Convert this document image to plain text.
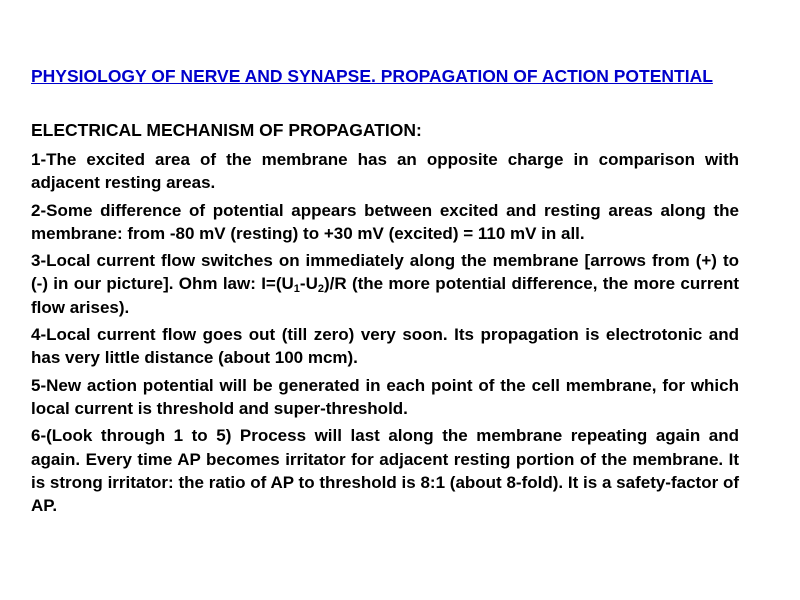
PHYSIOLOGY OF NERVE AND SYNAPSE. PROPAGATION OF ACTION POTENTIAL

ELECTRICAL MECHANISM OF PROPAGATION:

1-The excited area of the membrane has an opposite charge in comparison with adjacent resting areas.

2-Some difference of potential appears between excited and resting areas along the membrane: from -80 mV (resting) to +30 mV (excited) = 110 mV in all.

3-Local current flow switches on immediately along the membrane [arrows from (+) to (-) in our picture]. Ohm law: $I=(U_1-U_2)/R$ (the more potential difference, the more current flow arises).

4-Local current flow goes out (till zero) very soon. Its propagation is electrotonic and has very little distance (about 100 mcm).

5-New action potential will be generated in each point of the cell membrane, for which local current is threshold and super-threshold.

6-(Look through 1 to 5) Process will last along the membrane repeating again and again. Every time AP becomes irritator for adjacent resting portion of the membrane. It is strong irritator: the ratio of AP to threshold is 8:1 (about 8-fold). It is a safety-factor of AP.
